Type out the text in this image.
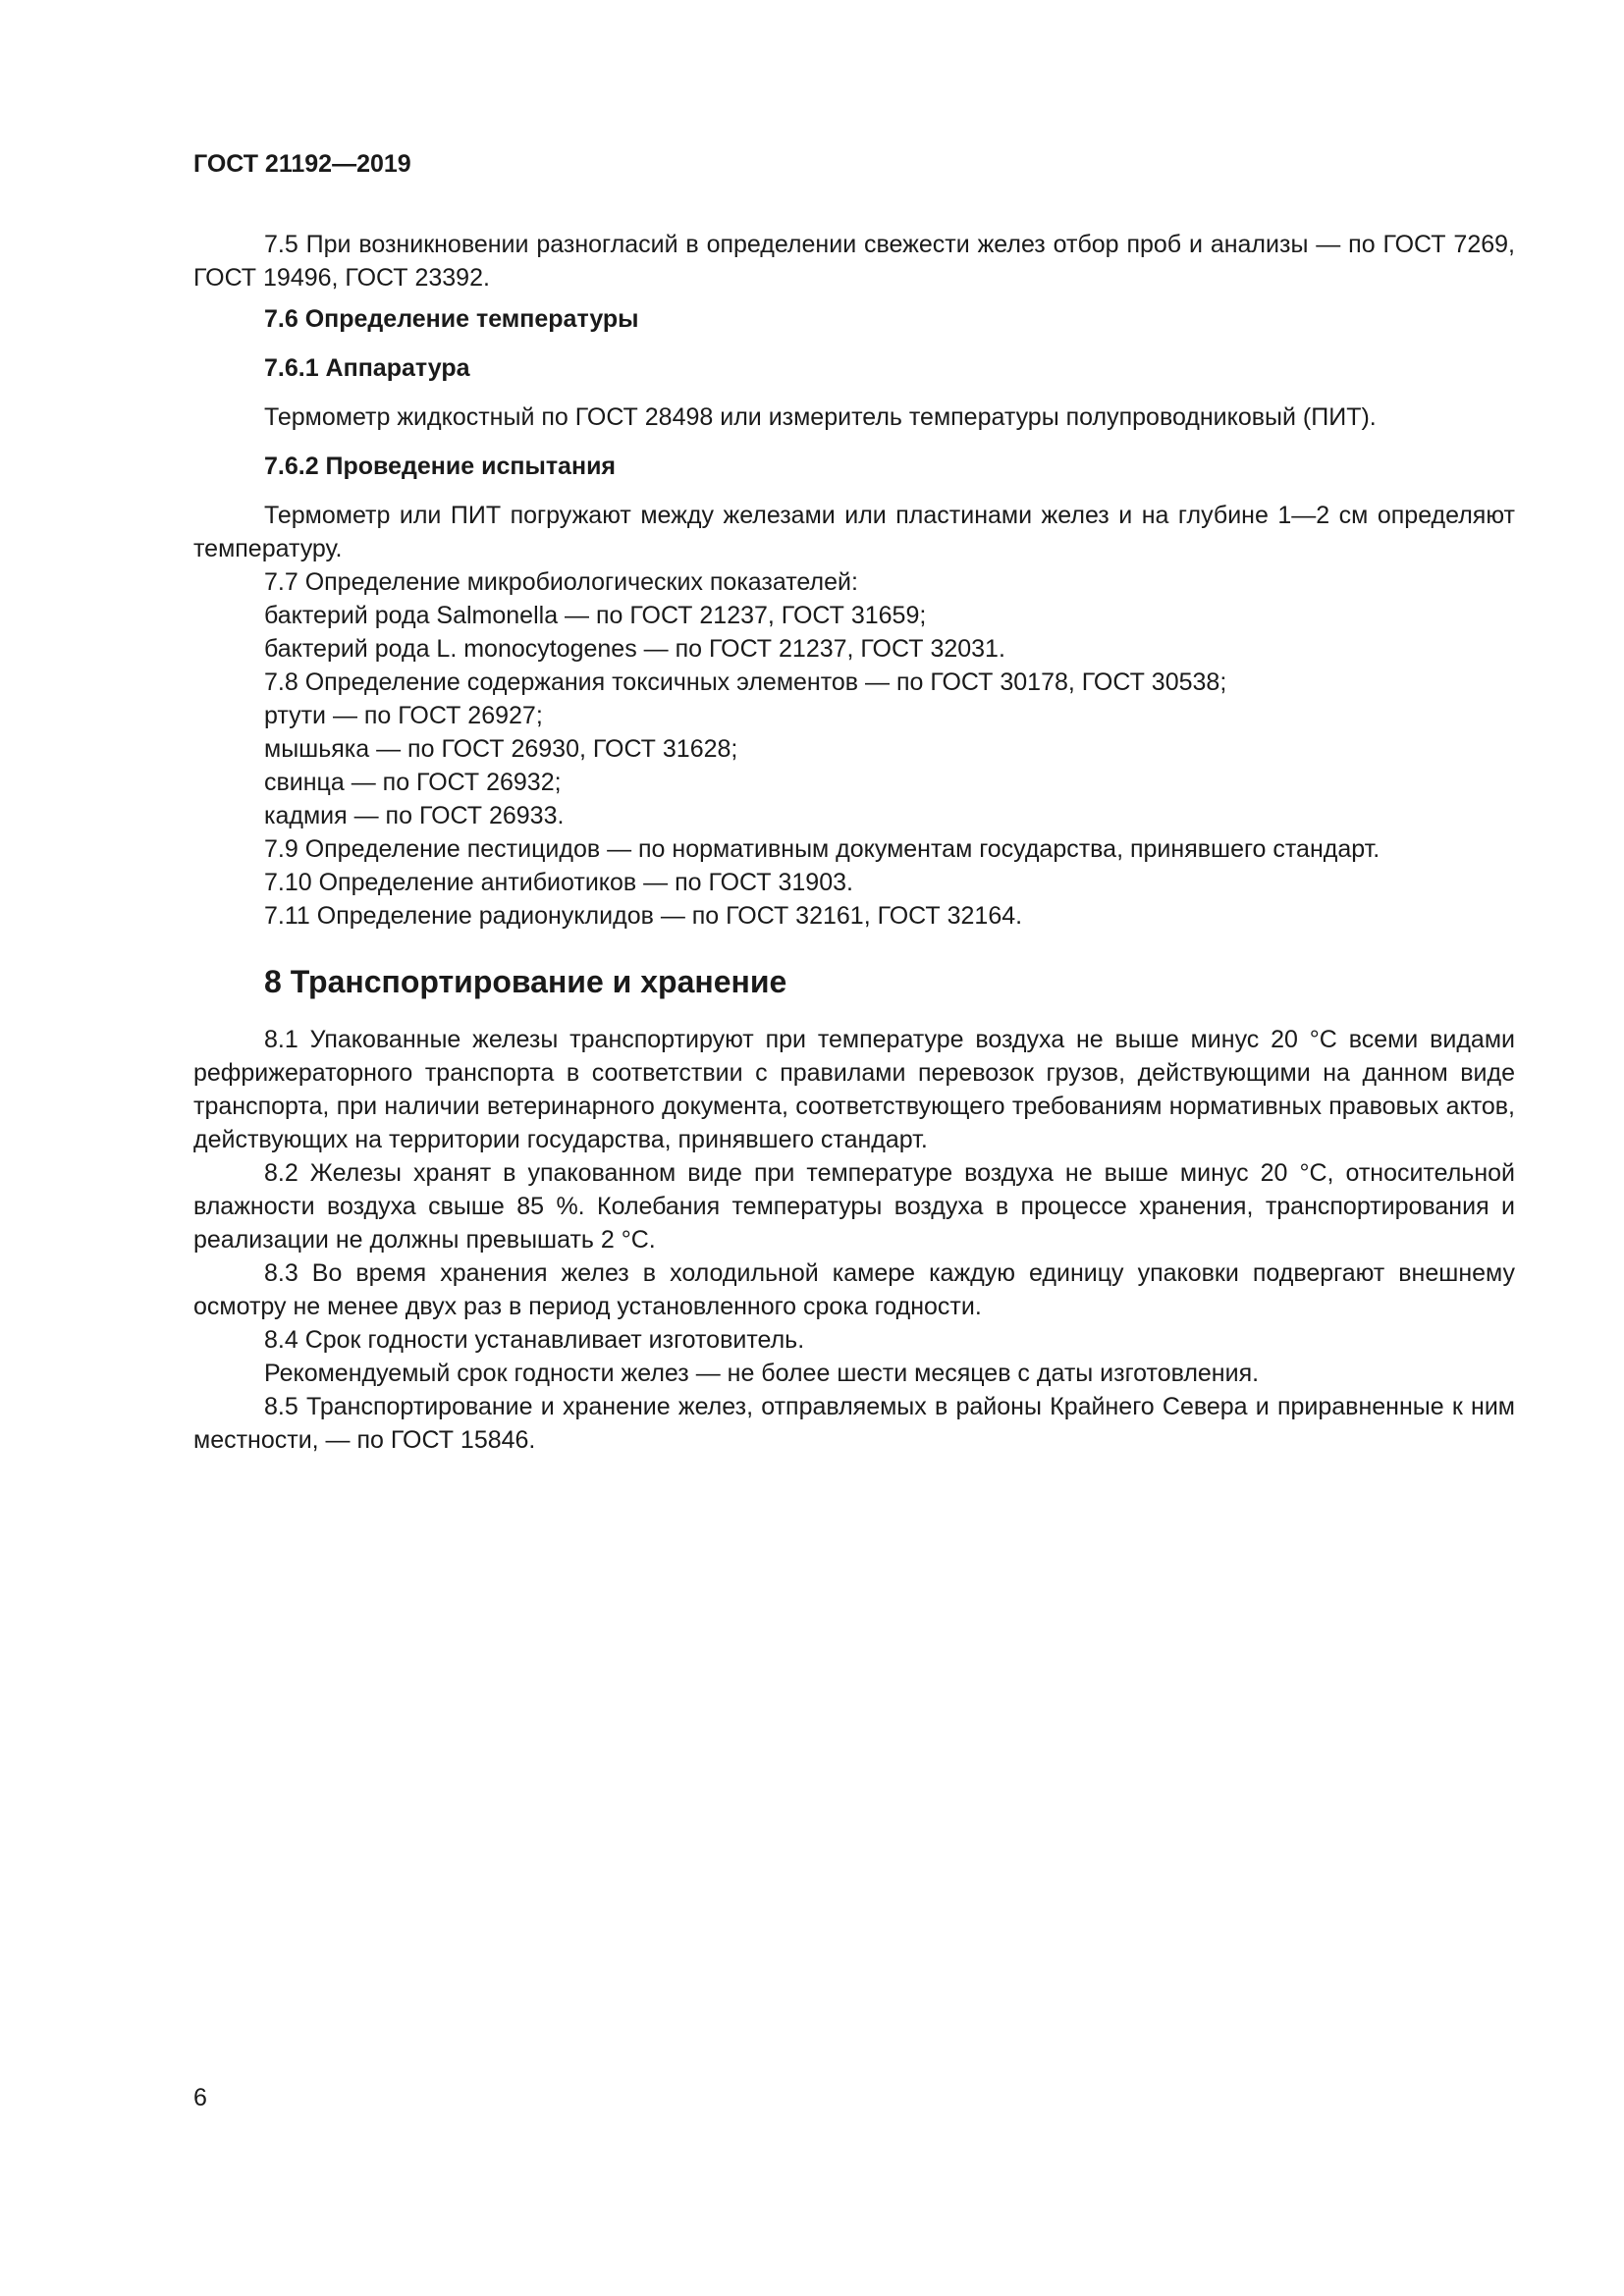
ГОСТ 21192—2019

7.5 При возникновении разногласий в определении свежести желез отбор проб и анализы — по ГОСТ 7269, ГОСТ 19496, ГОСТ 23392.

7.6 Определение температуры
7.6.1 Аппаратура

Термометр жидкостный по ГОСТ 28498 или измеритель температуры полупроводниковый (ПИТ).

7.6.2 Проведение испытания

Термометр или ПИТ погружают между железами или пластинами желез и на глубине 1—2 см определяют температуру.

7.7 Определение микробиологических показателей:

бактерий рода Salmonella — по ГОСТ 21237, ГОСТ 31659;

бактерий рода L. monocytogenes — по ГОСТ 21237, ГОСТ 32031.

7.8 Определение содержания токсичных элементов — по ГОСТ 30178, ГОСТ 30538;

ртути — по ГОСТ 26927;

мышьяка — по ГОСТ 26930, ГОСТ 31628;

свинца — по ГОСТ 26932;

кадмия — по ГОСТ 26933.

7.9 Определение пестицидов — по нормативным документам государства, принявшего стандарт.

7.10 Определение антибиотиков — по ГОСТ 31903.

7.11 Определение радионуклидов — по ГОСТ 32161, ГОСТ 32164.

8 Транспортирование и хранение

8.1 Упакованные железы транспортируют при температуре воздуха не выше минус 20 °С всеми видами рефрижераторного транспорта в соответствии с правилами перевозок грузов, действующими на данном виде транспорта, при наличии ветеринарного документа, соответствующего требованиям нормативных правовых актов, действующих на территории государства, принявшего стандарт.

8.2 Железы хранят в упакованном виде при температуре воздуха не выше минус 20 °С, относительной влажности воздуха свыше 85 %. Колебания температуры воздуха в процессе хранения, транспортирования и реализации не должны превышать 2 °С.

8.3 Во время хранения желез в холодильной камере каждую единицу упаковки подвергают внешнему осмотру не менее двух раз в период установленного срока годности.

8.4 Срок годности устанавливает изготовитель.

Рекомендуемый срок годности желез — не более шести месяцев с даты изготовления.

8.5 Транспортирование и хранение желез, отправляемых в районы Крайнего Севера и приравненные к ним местности, — по ГОСТ 15846.

6
